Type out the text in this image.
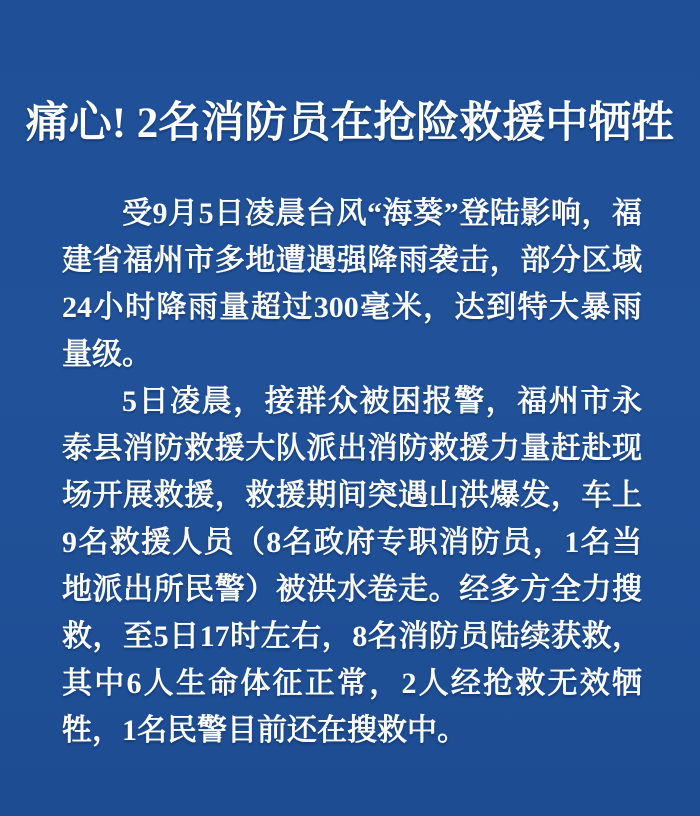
痛心! 2名消防员在抢险救援中牺牲

受9月5日凌晨台风“海葵”登陆影响，福建省福州市多地遭遇强降雨袭击，部分区域24小时降雨量超过300毫米，达到特大暴雨量级。

5日凌晨，接群众被困报警，福州市永泰县消防救援大队派出消防救援力量赶赴现场开展救援，救援期间突遇山洪爆发，车上9名救援人员（8名政府专职消防员，1名当地派出所民警）被洪水卷走。经多方全力搜救，至5日17时左右，8名消防员陆续获救，其中6人生命体征正常，2人经抢救无效牺牲，1名民警目前还在搜救中。
